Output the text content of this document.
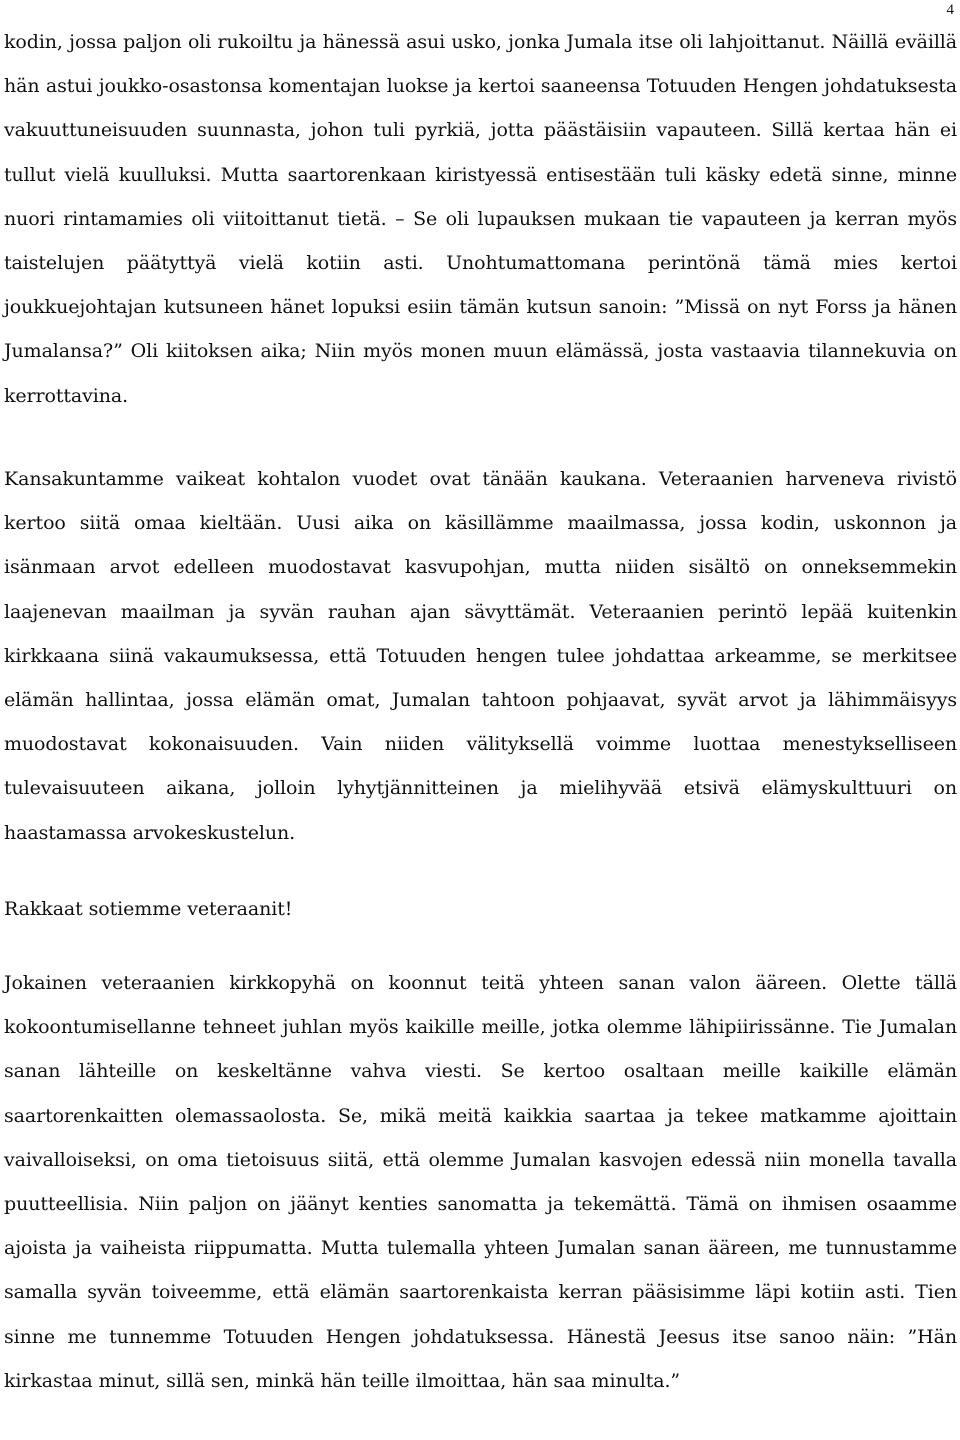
4

kodin, jossa paljon oli rukoiltu ja hänessä asui usko, jonka Jumala itse oli lahjoittanut. Näillä eväillä hän astui joukko-osastonsa komentajan luokse ja kertoi saaneensa Totuuden Hengen johdatuksesta vakuuttuneisuuden suunnasta, johon tuli pyrkiä, jotta päästäisiin vapauteen. Sillä kertaa hän ei tullut vielä kuulluksi. Mutta saartorenkaan kiristyessä entisestään tuli käsky edetä sinne, minne nuori rintamamies oli viitoittanut tietä. – Se oli lupauksen mukaan tie vapauteen ja kerran myös taistelujen päätyttyä vielä kotiin asti. Unohtumattomana perintönä tämä mies kertoi joukkuejohtajan kutsuneen hänet lopuksi esiin tämän kutsun sanoin: ”Missä on nyt Forss ja hänen Jumalansa?” Oli kiitoksen aika; Niin myös monen muun elämässä, josta vastaavia tilannekuvia on kerrottavina.

Kansakuntamme vaikeat kohtalon vuodet ovat tänään kaukana. Veteraanien harveneva rivistö kertoo siitä omaa kieltään. Uusi aika on käsillämme maailmassa, jossa kodin, uskonnon ja isänmaan arvot edelleen muodostavat kasvupohjan, mutta niiden sisältö on onneksemmekin laajenevan maailman ja syvän rauhan ajan sävyttämät. Veteraanien perintö lepää kuitenkin kirkkaana siinä vakaumuksessa, että Totuuden hengen tulee johdattaa arkeamme, se merkitsee elämän hallintaa, jossa elämän omat, Jumalan tahtoon pohjaavat, syvät arvot ja lähimmäisyys muodostavat kokonaisuuden. Vain niiden välityksellä voimme luottaa menestykselliseen tulevaisuuteen aikana, jolloin lyhytjännitteinen ja mielihyvää etsivä elämyskulttuuri on haastamassa arvokeskustelun.

Rakkaat sotiemme veteraanit!

Jokainen veteraanien kirkkopyhä on koonnut teitä yhteen sanan valon ääreen. Olette tällä kokoontumisellanne tehneet juhlan myös kaikille meille, jotka olemme lähipiirissänne. Tie Jumalan sanan lähteille on keskeltänne vahva viesti. Se kertoo osaltaan meille kaikille elämän saartorenkaitten olemassaolosta. Se, mikä meitä kaikkia saartaa ja tekee matkamme ajoittain vaivalloiseksi, on oma tietoisuus siitä, että olemme Jumalan kasvojen edessä niin monella tavalla puutteellisia. Niin paljon on jäänyt kenties sanomatta ja tekemättä. Tämä on ihmisen osaamme ajoista ja vaiheista riippumatta. Mutta tulemalla yhteen Jumalan sanan ääreen, me tunnustamme samalla syvän toiveemme, että elämän saartorenkaista kerran pääsisimme läpi kotiin asti. Tien sinne me tunnemme Totuuden Hengen johdatuksessa. Hänestä Jeesus itse sanoo näin: ”Hän kirkastaa minut, sillä sen, minkä hän teille ilmoittaa, hän saa minulta.”
